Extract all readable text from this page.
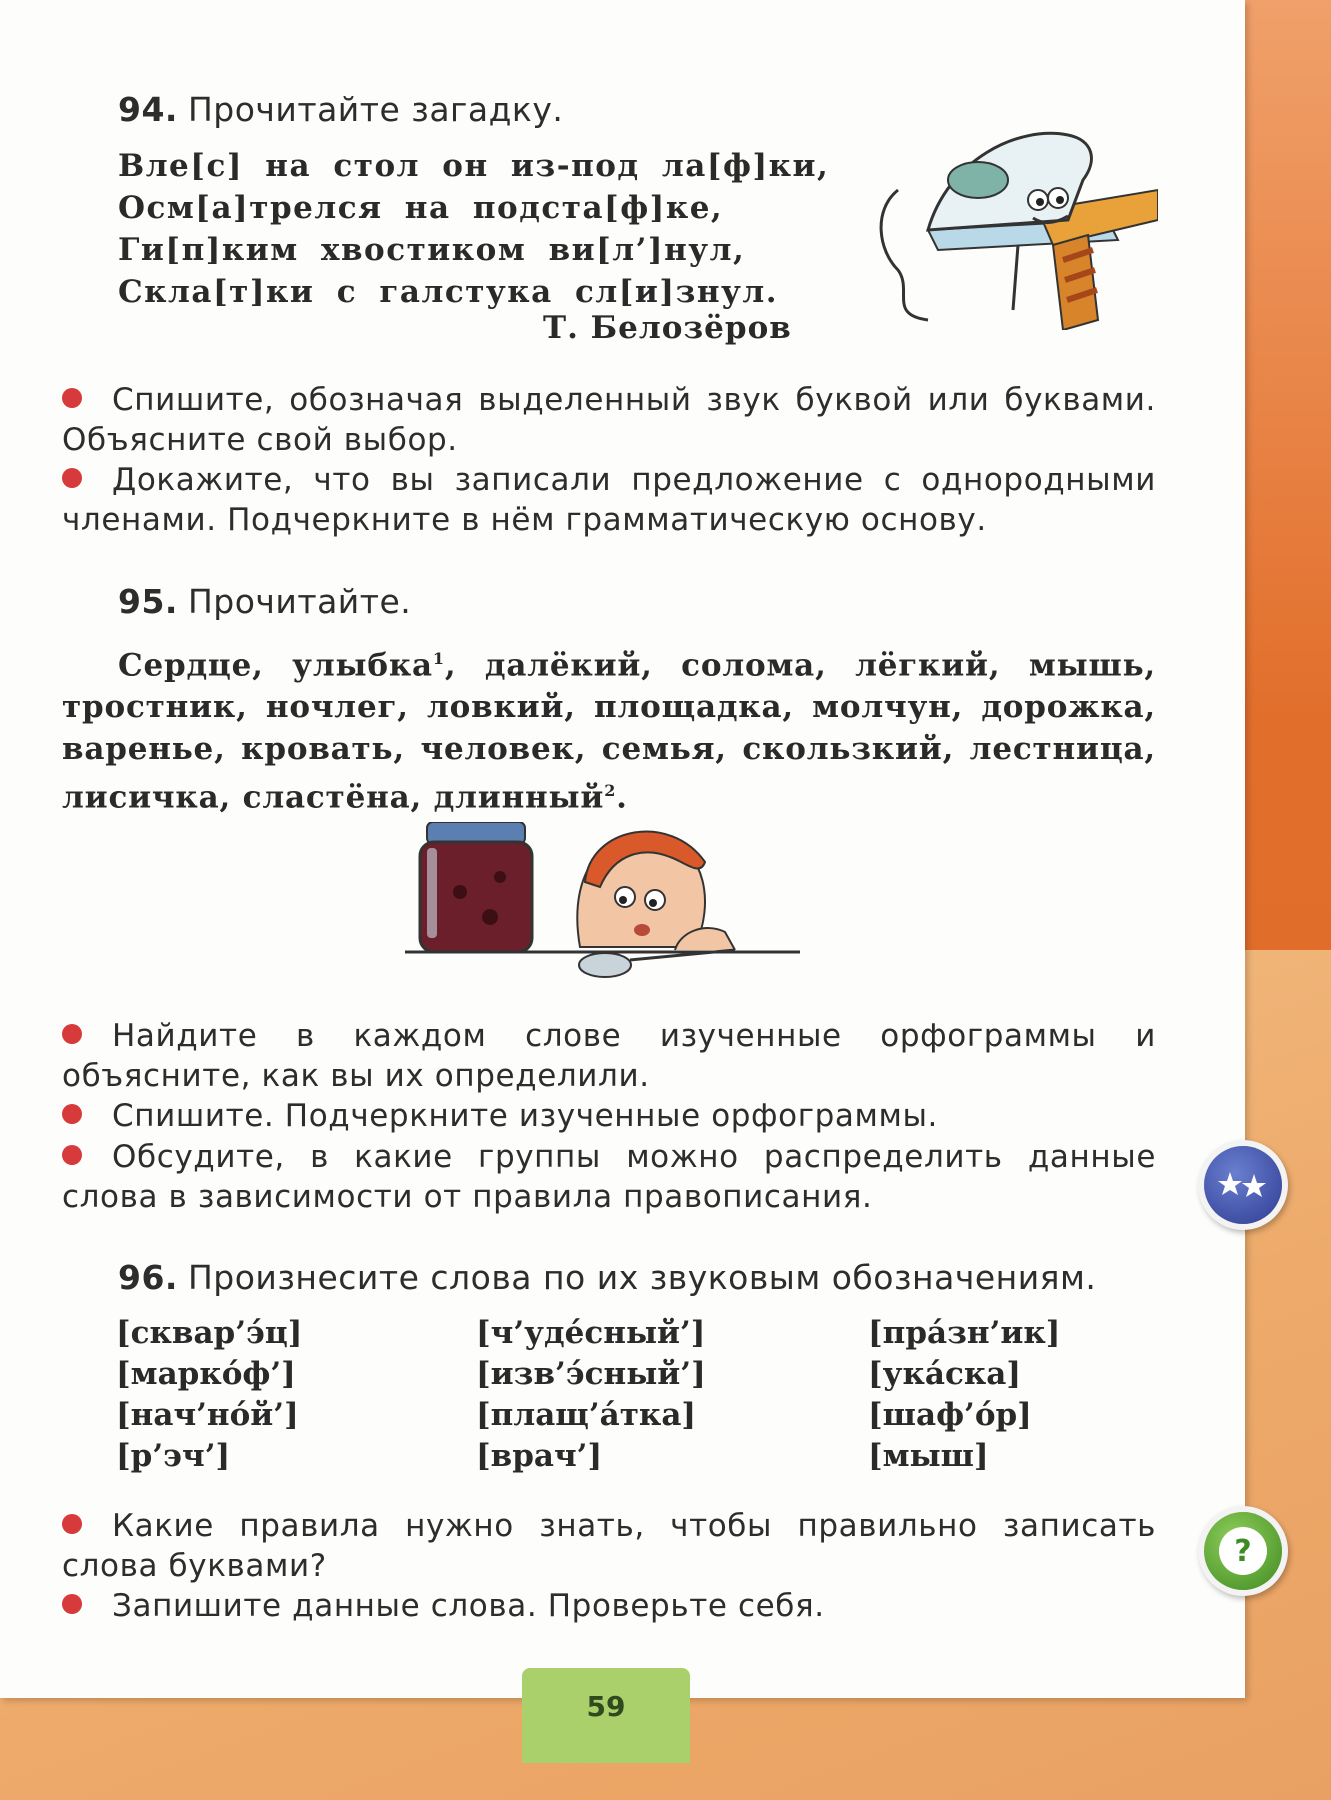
94. Прочитайте загадку.
Вле[с] на стол он из-под ла[ф]ки,
Осм[а]трелся на подста[ф]ке,
Ги[п]ким хвостиком ви[л’]нул,
Скла[т]ки с галстука сл[и]знул.
Т. Белозёров
Спишите, обозначая выделенный звук буквой или буквами. Объясните свой выбор.
Докажите, что вы записали предложение с однородными членами. Подчеркните в нём грамматическую основу.
95. Прочитайте.
Сердце, улыбка$^1$, далёкий, солома, лёгкий, мышь, тростник, ночлег, ловкий, площадка, молчун, дорожка, варенье, кровать, человек, семья, скользкий, лестница, лисичка, сластёна, длинный$^2$.
Найдите в каждом слове изученные орфограммы и объясните, как вы их определили.
Спишите. Подчеркните изученные орфограммы.
Обсудите, в какие группы можно распределить данные слова в зависимости от правила правописания.
96. Произнесите слова по их звуковым обозначениям.
[сквар’э́ц]
[маркóф’]
[нач’нóй’]
[р’эч’]
[ч’удéсный’]
[изв’э́сный’]
[плащ’áтка]
[врач’]
[прáзн’ик]
[укáска]
[шаф’óр]
[мыш]
Какие правила нужно знать, чтобы правильно записать слова буквами?
Запишите данные слова. Проверьте себя.
?
59
